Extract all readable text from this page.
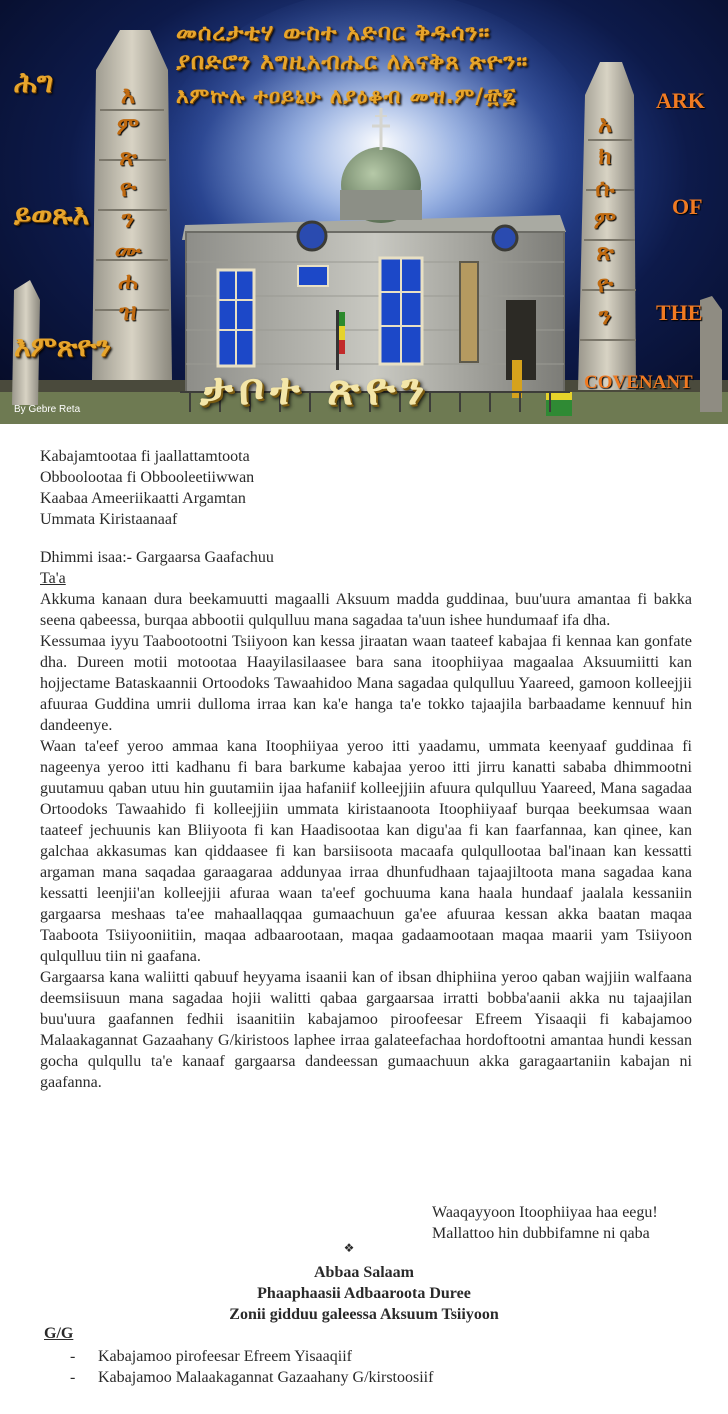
መሰረታቲሃ ውስተ አድባር ቅዱሳን።
ያበድሮን እግዚአብሔር ለአናቅጸ ጽዮን።
እምኵሉ ተዐይኒሁ ለያዕቆብ መዝ.ም/፹፯
ሕግ
ይወጹእ
እምጽዮን
እ
ም
ጽ
ዮ
ን
ሙ
ሐ
ዝ
አ
ክ
ሱ
ም
ጽ
ዮ
ን
ARK
OF
THE
COVENANT
ታቦተ ጽዮን
By Gebre Reta
Kabajamtootaa fi jaallattamtoota
Obboolootaa fi Obbooleetiiwwan
Kaabaa Ameeriikaatti Argamtan
Ummata Kiristaanaaf
Dhimmi isaa:- Gargaarsa Gaafachuu
Ta'a

Akkuma kanaan dura beekamuutti magaalli Aksuum madda guddinaa, buu'uura amantaa fi bakka seena qabeessa, burqaa abbootii qulqulluu mana sagadaa ta'uun ishee hundumaaf ifa dha.

Kessumaa iyyu Taabootootni Tsiiyoon kan kessa jiraatan waan taateef kabajaa fi kennaa kan gonfate dha. Dureen motii motootaa Haayilasilaasee bara sana itoophiiyaa magaalaa Aksuumiitti kan hojjectame Bataskaannii Ortoodoks Tawaahidoo Mana sagadaa qulqulluu Yaareed, gamoon kolleejjii afuuraa Guddina umrii dulloma irraa kan ka'e hanga ta'e tokko tajaajila barbaadame kennuuf hin dandeenye.

Waan ta'eef yeroo ammaa kana Itoophiiyaa yeroo itti yaadamu, ummata keenyaaf guddinaa fi nageenya yeroo itti kadhanu fi bara barkume kabajaa yeroo itti jirru kanatti sababa dhimmootni guutamuu qaban utuu hin guutamiin ijaa hafaniif kolleejjiin afuura qulqulluu Yaareed, Mana sagadaa Ortoodoks Tawaahido fi kolleejjiin ummata kiristaanoota Itoophiiyaaf burqaa beekumsaa waan taateef jechuunis kan Bliiyoota fi kan Haadisootaa kan digu'aa fi kan faarfannaa, kan qinee, kan galchaa akkasumas kan qiddaasee fi kan barsiisoota macaafa qulqullootaa bal'inaan kan kessatti argaman mana saqadaa garaagaraa addunyaa irraa dhunfudhaan tajaajiltoota mana sagadaa kana kessatti leenjii'an kolleejjii afuraa waan ta'eef gochuuma kana haala hundaaf jaalala kessaniin gargaarsa meshaas ta'ee mahaallaqqaa gumaachuun ga'ee afuuraa kessan akka baatan maqaa Taaboota Tsiiyooniitiin, maqaa adbaarootaan, maqaa gadaamootaan maqaa maarii yam Tsiiyoon qulqulluu tiin ni gaafana.

Gargaarsa kana waliitti qabuuf heyyama isaanii kan of ibsan dhiphiina yeroo qaban wajjiin walfaana deemsiisuun mana sagadaa hojii walitti qabaa gargaarsaa irratti bobba'aanii akka nu tajaajilan buu'uura gaafannen fedhii isaanitiin kabajamoo piroofeesar Efreem Yisaaqii fi kabajamoo Malaakagannat Gazaahany G/kiristoos laphee irraa galateefachaa hordoftootni amantaa hundi kessan gocha qulqullu ta'e kanaaf gargaarsa dandeessan gumaachuun akka garagaartaniin kabajan ni gaafanna.

Waaqayyoon Itoophiiyaa haa eegu!
Mallattoo hin dubbifamne ni qaba
❖
Abbaa Salaam
Phaaphaasii Adbaaroota Duree
Zonii gidduu galeessa Aksuum Tsiiyoon
G/G
- Kabajamoo pirofeesar Efreem Yisaaqiif
- Kabajamoo Malaakagannat Gazaahany G/kirstoosiif
